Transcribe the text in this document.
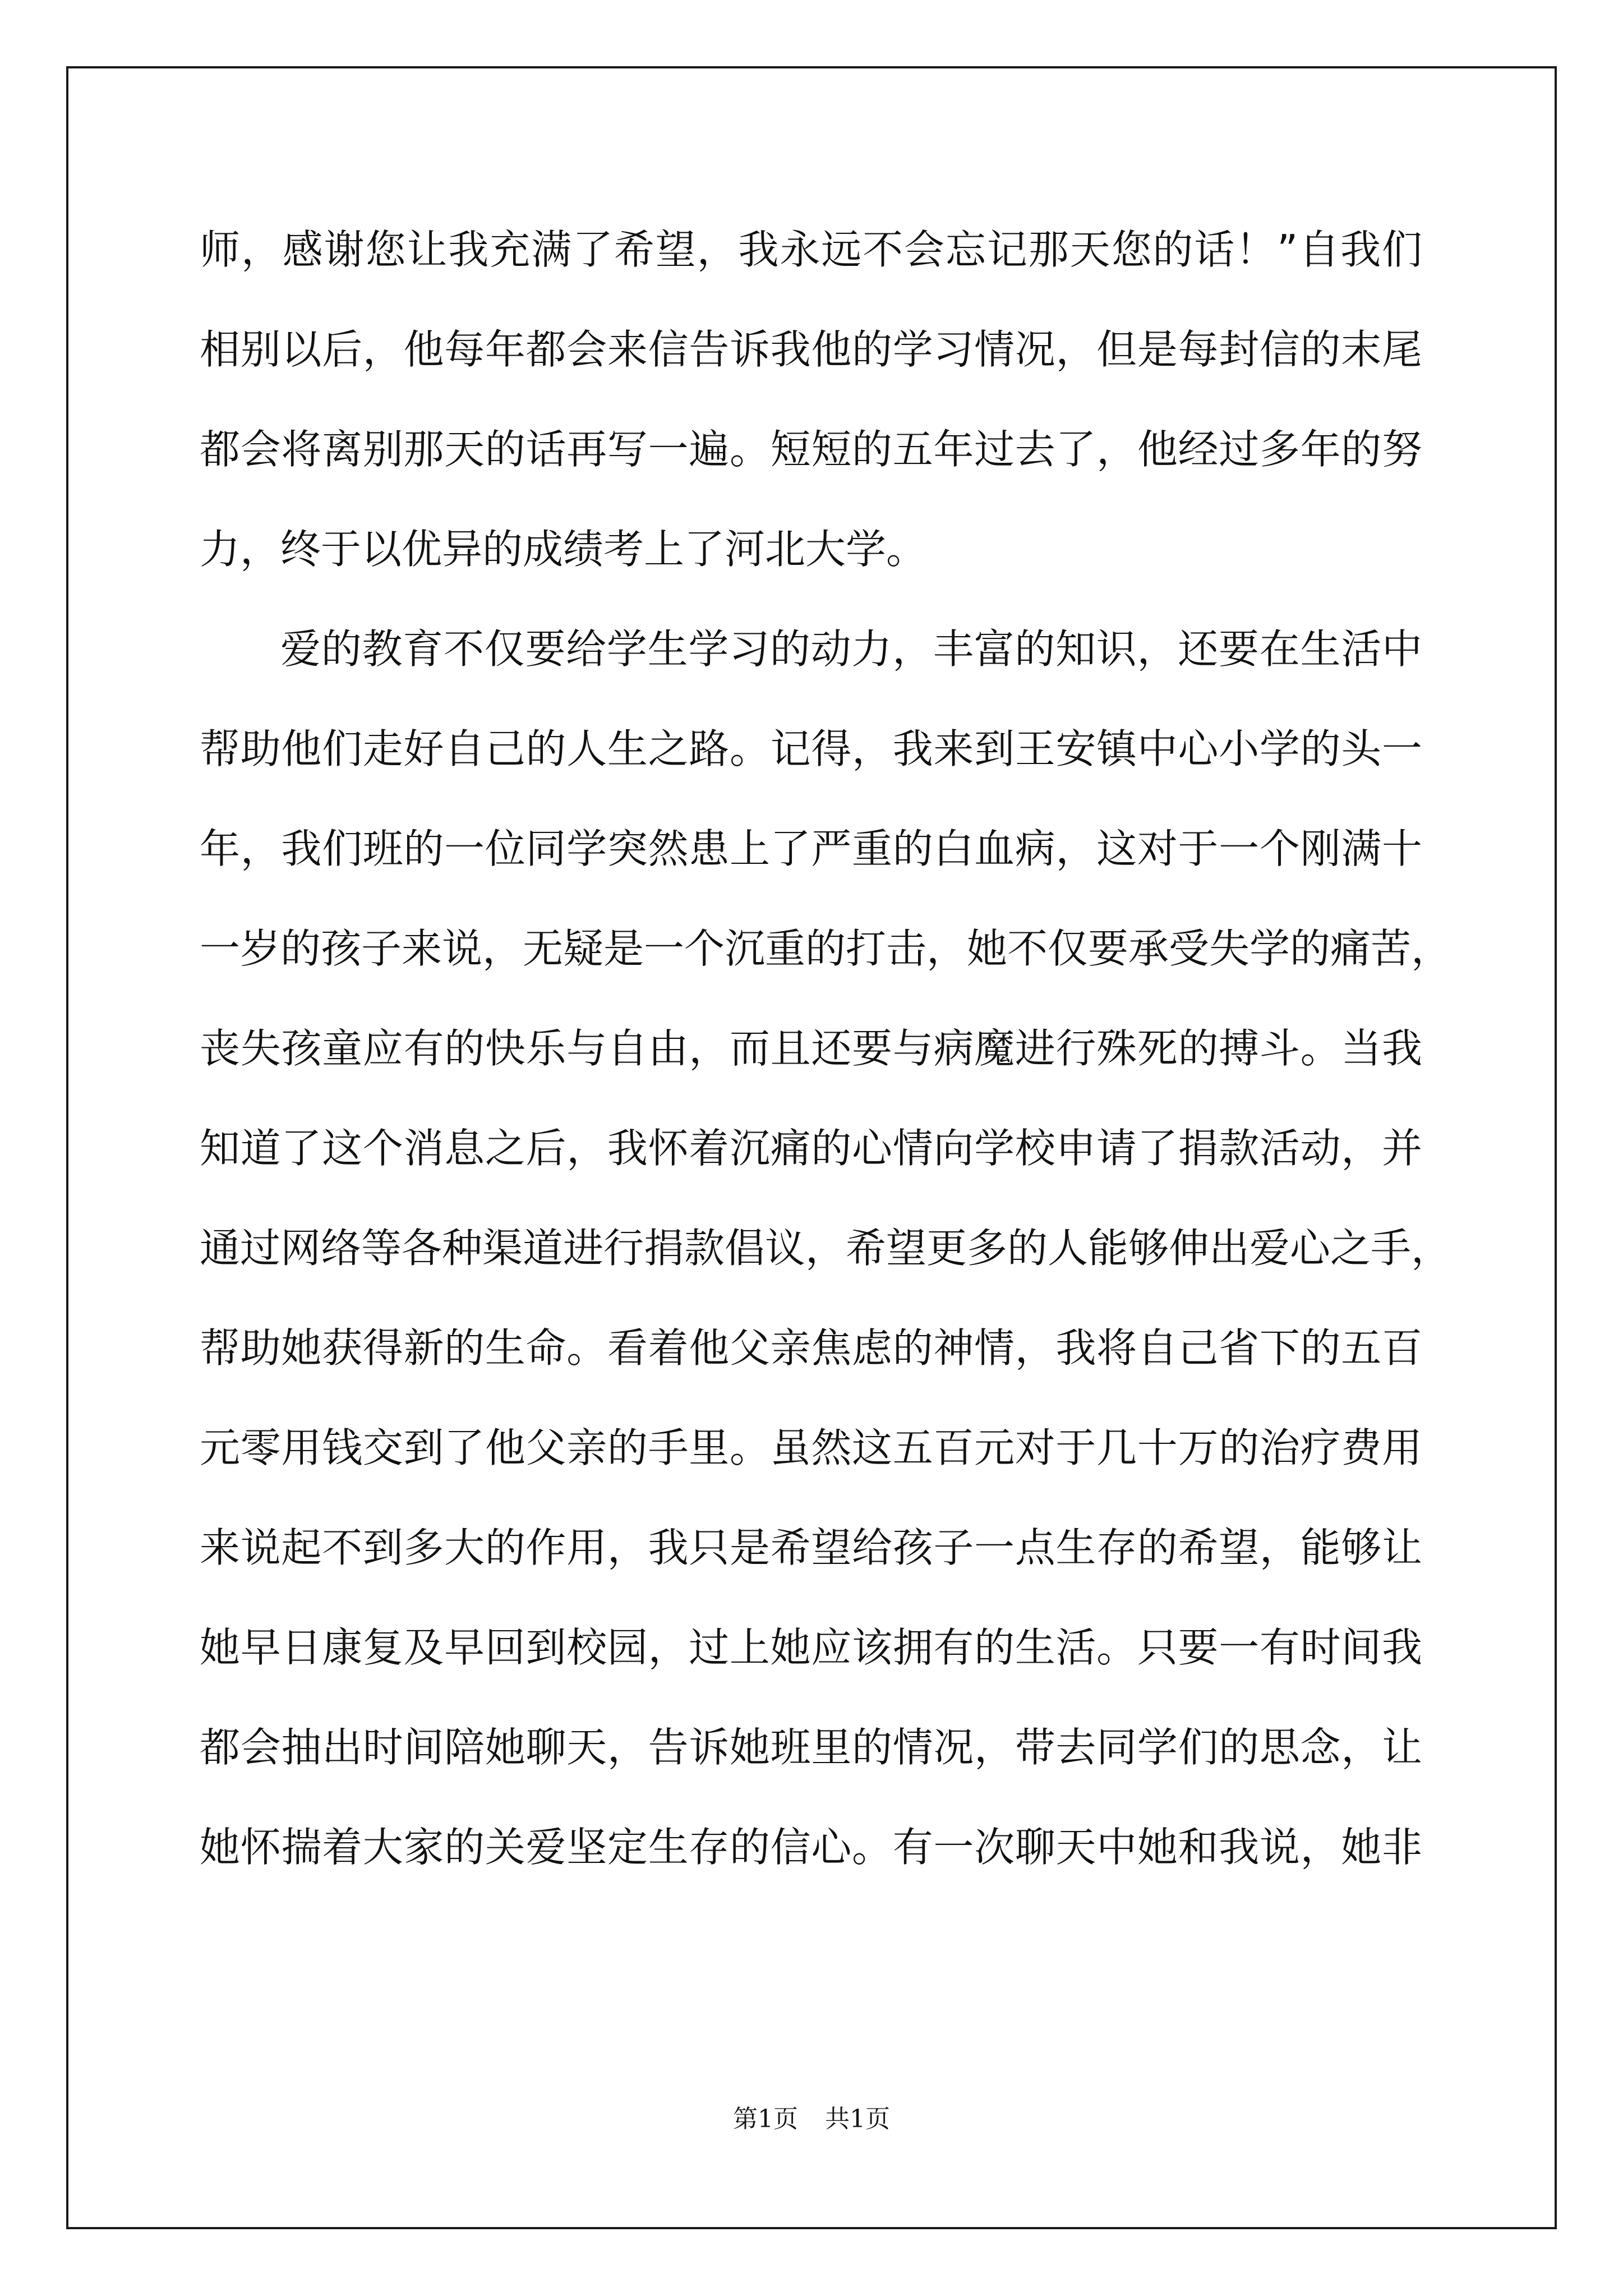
师，感谢您让我充满了希望，我永远不会忘记那天您的话！”自我们

相别以后，他每年都会来信告诉我他的学习情况，但是每封信的末尾

都会将离别那天的话再写一遍。短短的五年过去了，他经过多年的努

力，终于以优异的成绩考上了河北大学。

爱的教育不仅要给学生学习的动力，丰富的知识，还要在生活中

帮助他们走好自己的人生之路。记得，我来到王安镇中心小学的头一

年，我们班的一位同学突然患上了严重的白血病，这对于一个刚满十

一岁的孩子来说，无疑是一个沉重的打击，她不仅要承受失学的痛苦，

丧失孩童应有的快乐与自由，而且还要与病魔进行殊死的搏斗。当我

知道了这个消息之后，我怀着沉痛的心情向学校申请了捐款活动，并

通过网络等各种渠道进行捐款倡议，希望更多的人能够伸出爱心之手，

帮助她获得新的生命。看着他父亲焦虑的神情，我将自己省下的五百

元零用钱交到了他父亲的手里。虽然这五百元对于几十万的治疗费用

来说起不到多大的作用，我只是希望给孩子一点生存的希望，能够让

她早日康复及早回到校园，过上她应该拥有的生活。只要一有时间我

都会抽出时间陪她聊天，告诉她班里的情况，带去同学们的思念，让

她怀揣着大家的关爱坚定生存的信心。有一次聊天中她和我说，她非

第1页 共1页
